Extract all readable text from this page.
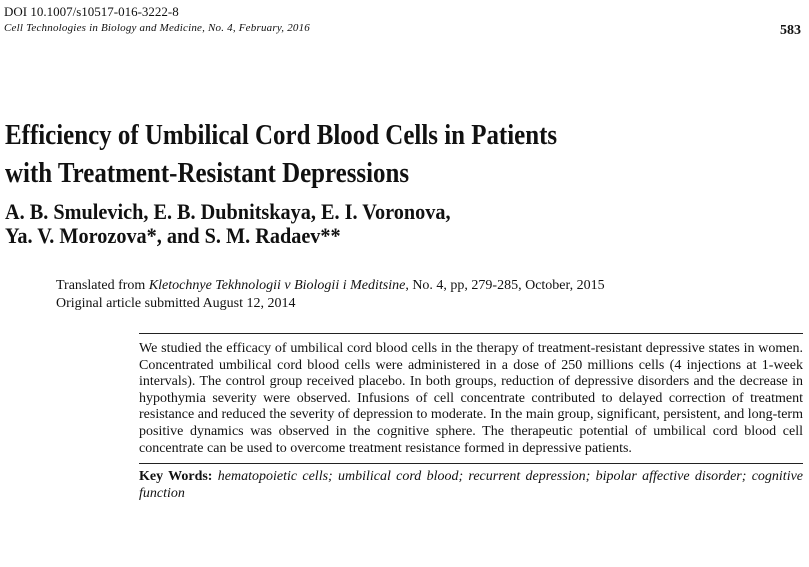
DOI 10.1007/s10517-016-3222-8
Cell Technologies in Biology and Medicine, No. 4, February, 2016	583
Efficiency of Umbilical Cord Blood Cells in Patients
with Treatment-Resistant Depressions
A. B. Smulevich, E. B. Dubnitskaya, E. I. Voronova,
Ya. V. Morozova*, and S. M. Radaev**
Translated from Kletochnye Tekhnologii v Biologii i Meditsine, No. 4, pp, 279-285, October, 2015
Original article submitted August 12, 2014

We studied the efficacy of umbilical cord blood cells in the therapy of treatment-resistant depressive states in women. Concentrated umbilical cord blood cells were administered in a dose of 250 millions cells (4 injections at 1-week intervals). The control group received placebo. In both groups, reduction of depressive disorders and the decrease in hypothymia severity were observed. Infusions of cell concentrate contributed to delayed correction of treatment resistance and reduced the severity of depression to moderate. In the main group, significant, persistent, and long-term positive dynamics was observed in the cognitive sphere. The therapeutic potential of umbilical cord blood cell concentrate can be used to overcome treatment resistance formed in depressive patients.

Key Words: hematopoietic cells; umbilical cord blood; recurrent depression; bipolar affective disorder; cognitive function
